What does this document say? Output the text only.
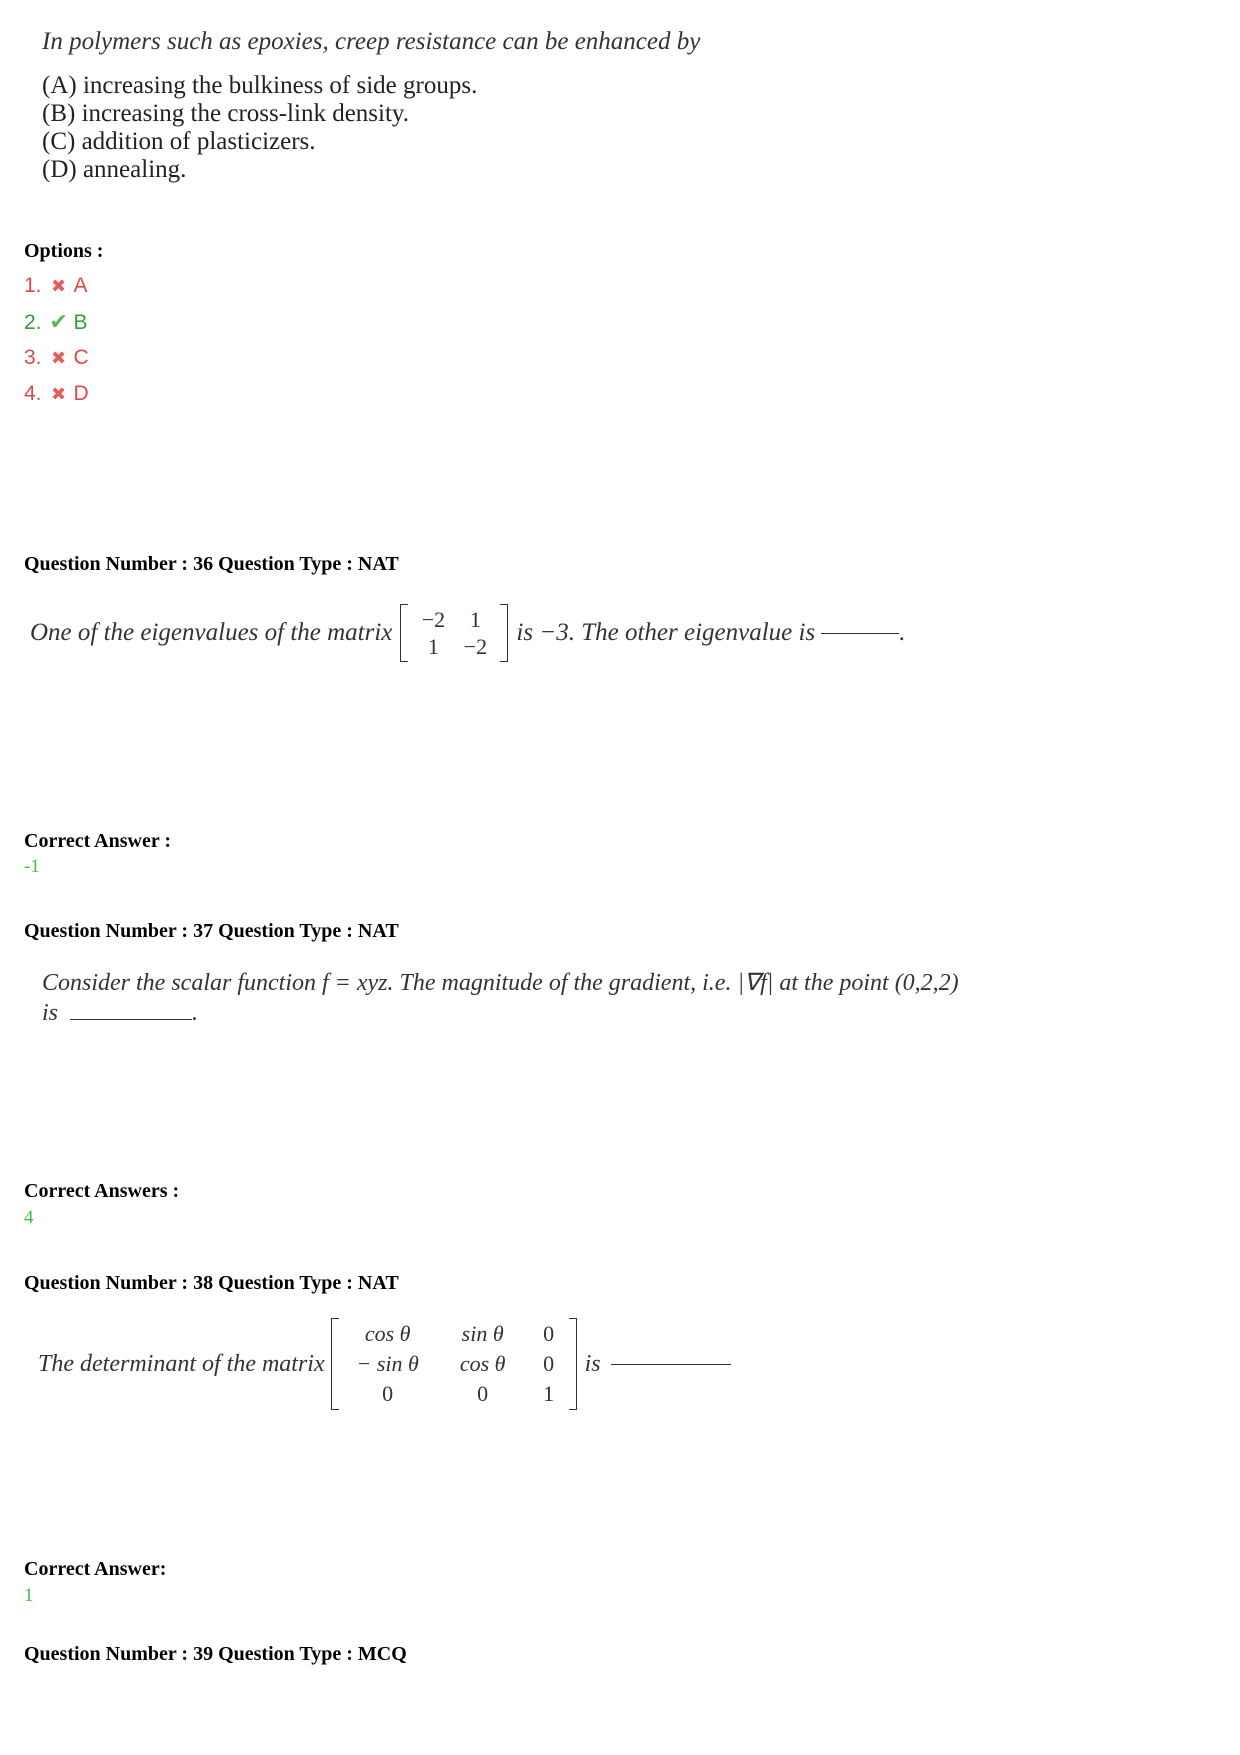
In polymers such as epoxies, creep resistance can be enhanced by
(A) increasing the bulkiness of side groups.
(B) increasing the cross-link density.
(C) addition of plasticizers.
(D) annealing.
Options :
1. ✖ A
2. ✔ B
3. ✖ C
4. ✖ D
Question Number : 36 Question Type : NAT
One of the eigenvalues of the matrix	−2	1
1	−2
is −3. The other eigenvalue is	.
Correct Answer :
-1
Question Number : 37 Question Type : NAT
Consider the scalar function f = xyz. The magnitude of the gradient, i.e. |∇f| at the point (0,2,2)
is	.
Correct Answers :
4
Question Number : 38 Question Type : NAT
The determinant of the matrix
cos θ	sin θ	0
− sin θ	cos θ	0
0	0	1
is
Correct Answer:
1
Question Number : 39 Question Type : MCQ
